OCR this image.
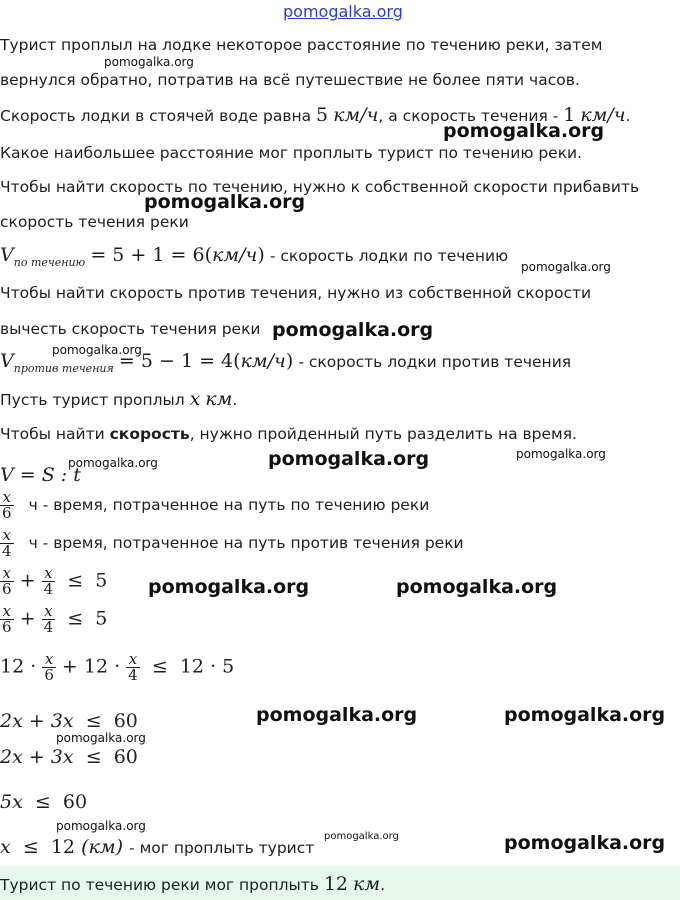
pomogalka.org
Турист проплыл на лодке некоторое расстояние по течению реки, затем
вернулся обратно, потратив на всё путешествие не более пяти часов.
Скорость лодки в стоячей воде равна 5 км/ч, а скорость течения - 1 км/ч.
Какое наибольшее расстояние мог проплыть турист по течению реки.
Чтобы найти скорость по течению, нужно к собственной скорости прибавить
скорость течения реки
$V_{по течению} = 5 + 1 = 6(км/ч)$ - скорость лодки по течению
Чтобы найти скорость против течения, нужно из собственной скорости
вычесть скорость течения реки
$V_{против течения} = 5 - 1 = 4(км/ч)$ - скорость лодки против течения
Пусть турист проплыл x км.
Чтобы найти скорость, нужно пройденный путь разделить на время.
V = S : t
$\frac{x}{6}$ ч - время, потраченное на путь по течению реки
$\frac{x}{4}$ ч - время, потраченное на путь против течения реки
$\frac{x}{6} + \frac{x}{4} \le 5$
$\frac{x}{6} + \frac{x}{4} \le 5$
$12 \cdot \frac{x}{6} + 12 \cdot \frac{x}{4} \le 12 \cdot 5$
2x + 3x ≤ 60
2x + 3x ≤ 60
5x ≤ 60
x ≤ 12 (км) - мог проплыть турист
Турист по течению реки мог проплыть 12 км.
pomogalka.org
pomogalka.org
pomogalka.org
pomogalka.org
pomogalka.org
pomogalka.org
pomogalka.org	pomogalka.org	pomogalka.org
pomogalka.org	pomogalka.org
pomogalka.org	pomogalka.org
pomogalka.org
pomogalka.org
pomogalka.org	pomogalka.org
